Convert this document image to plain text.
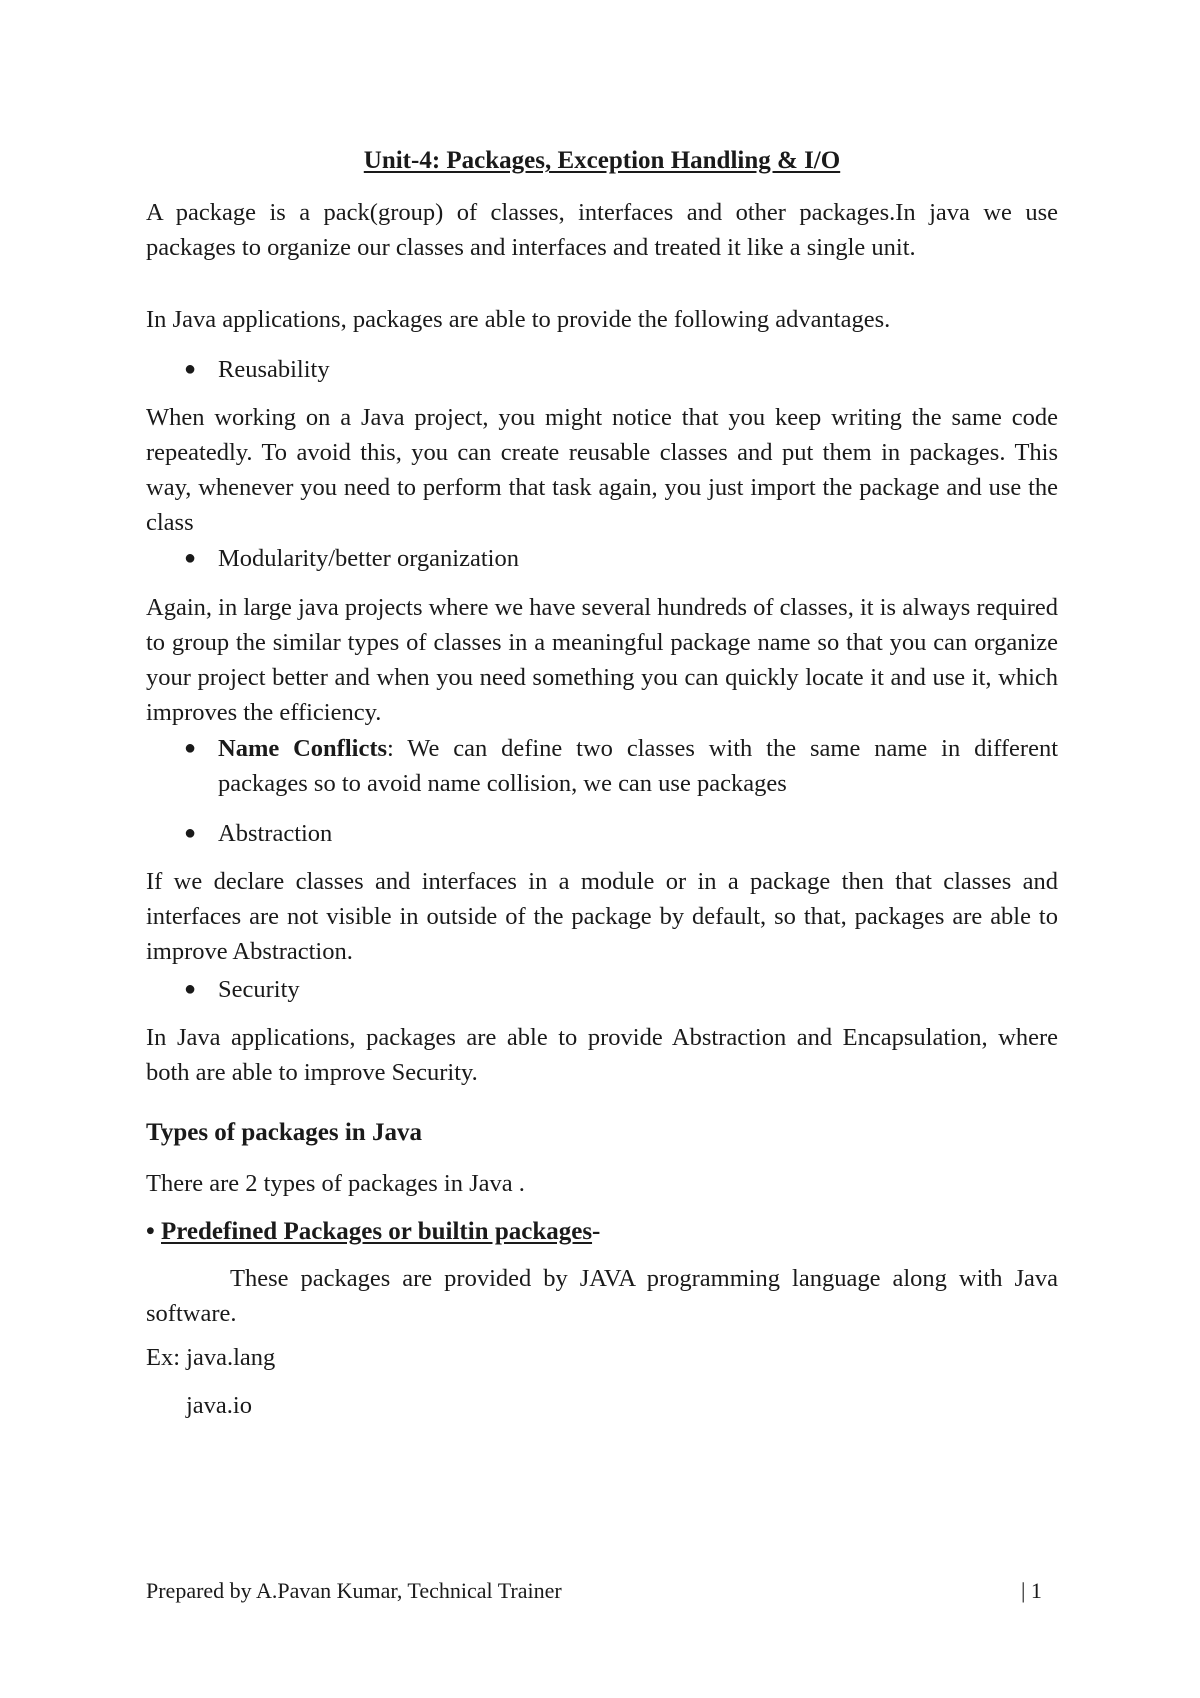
Unit-4: Packages, Exception Handling & I/O

A package is a pack(group) of classes, interfaces and other packages.In java we use packages to organize our classes and interfaces and treated it like a single unit.

In Java applications, packages are able to provide the following advantages.

● Reusability

When working on a Java project, you might notice that you keep writing the same code repeatedly. To avoid this, you can create reusable classes and put them in packages. This way, whenever you need to perform that task again, you just import the package and use the class

● Modularity/better organization

Again, in large java projects where we have several hundreds of classes, it is always required to group the similar types of classes in a meaningful package name so that you can organize your project better and when you need something you can quickly locate it and use it, which improves the efficiency.

● Name Conflicts: We can define two classes with the same name in different packages so to avoid name collision, we can use packages
● Abstraction

If we declare classes and interfaces in a module or in a package then that classes and interfaces are not visible in outside of the package by default, so that, packages are able to improve Abstraction.

● Security

In Java applications, packages are able to provide Abstraction and Encapsulation, where both are able to improve Security.

Types of packages in Java

There are 2 types of packages in Java .

• Predefined Packages or builtin packages-

These packages are provided by JAVA programming language along with Java software.

Ex: java.lang

java.io

Prepared by A.Pavan Kumar, Technical Trainer	| 1
